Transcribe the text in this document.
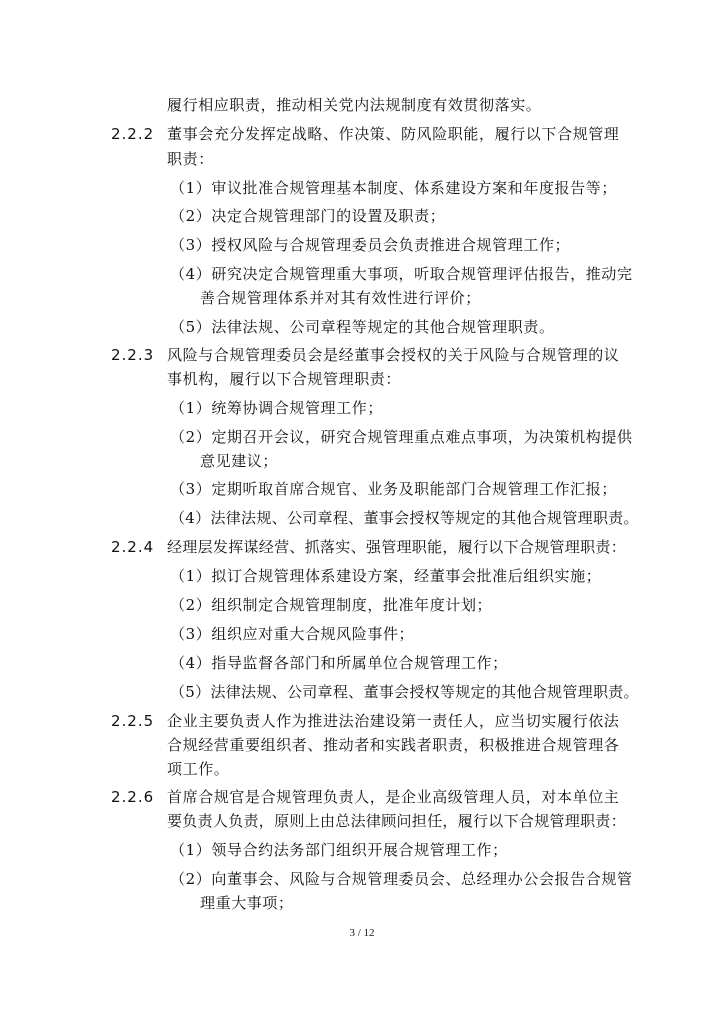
履行相应职责，推动相关党内法规制度有效贯彻落实。
2.2.2 董事会充分发挥定战略、作决策、防风险职能，履行以下合规管理
职责：
（1）审议批准合规管理基本制度、体系建设方案和年度报告等；
（2）决定合规管理部门的设置及职责；
（3）授权风险与合规管理委员会负责推进合规管理工作；
（4）研究决定合规管理重大事项，听取合规管理评估报告，推动完
善合规管理体系并对其有效性进行评价；
（5）法律法规、公司章程等规定的其他合规管理职责。
2.2.3 风险与合规管理委员会是经董事会授权的关于风险与合规管理的议
事机构，履行以下合规管理职责：
（1）统筹协调合规管理工作；
（2）定期召开会议，研究合规管理重点难点事项，为决策机构提供
意见建议；
（3）定期听取首席合规官、业务及职能部门合规管理工作汇报；
（4）法律法规、公司章程、董事会授权等规定的其他合规管理职责。
2.2.4 经理层发挥谋经营、抓落实、强管理职能，履行以下合规管理职责：
（1）拟订合规管理体系建设方案，经董事会批准后组织实施；
（2）组织制定合规管理制度，批准年度计划；
（3）组织应对重大合规风险事件；
（4）指导监督各部门和所属单位合规管理工作；
（5）法律法规、公司章程、董事会授权等规定的其他合规管理职责。
2.2.5 企业主要负责人作为推进法治建设第一责任人，应当切实履行依法
合规经营重要组织者、推动者和实践者职责，积极推进合规管理各
项工作。
2.2.6 首席合规官是合规管理负责人，是企业高级管理人员，对本单位主
要负责人负责，原则上由总法律顾问担任，履行以下合规管理职责：
（1）领导合约法务部门组织开展合规管理工作；
（2）向董事会、风险与合规管理委员会、总经理办公会报告合规管
理重大事项；
3 / 12
